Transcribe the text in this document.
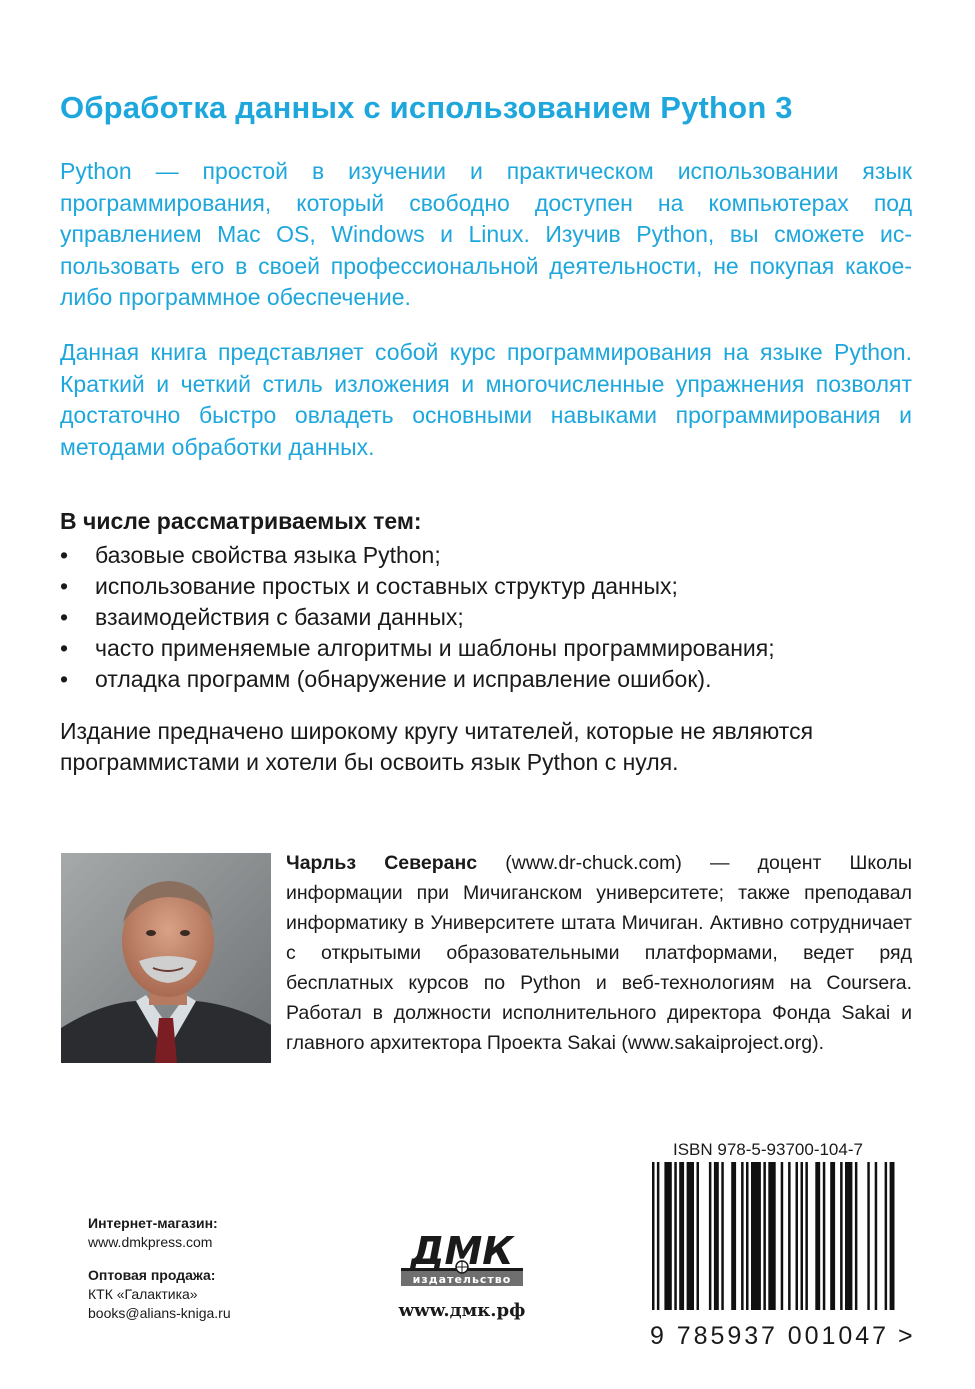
Обработка данных с использованием Python 3
Python — простой в изучении и практическом использовании язык программирования, который свободно доступен на компьютерах под управлением Mac OS, Windows и Linux. Изучив Python, вы сможете использовать его в своей профессиональной деятельности, не покупая какое-либо программное обеспечение.
Данная книга представляет собой курс программирования на языке Python. Краткий и четкий стиль изложения и многочисленные упражнения позволят достаточно быстро овладеть основными навыками программирования и методами обработки данных.
В числе рассматриваемых тем:
•	базовые свойства языка Python;
•	использование простых и составных структур данных;
•	взаимодействия с базами данных;
•	часто применяемые алгоритмы и шаблоны программирования;
•	отладка программ (обнаружение и исправление ошибок).
Издание предначено широкому кругу читателей, которые не являются программистами и хотели бы освоить язык Python с нуля.
Чарльз Северанс (www.dr-chuck.com) — доцент Школы информации при Мичиганском университете; также преподавал информатику в Университете штата Мичиган. Активно сотрудничает с открытыми образовательными платформами, ведет ряд бесплатных курсов по Python и веб-технологиям на Coursera. Работал в должности исполнительного директора Фонда Sakai и главного архитектора Проекта Sakai (www.sakaiproject.org).
Интернет-магазин:
www.dmkpress.com
Оптовая продажа:
КТК «Галактика»
books@alians-kniga.ru
ДМК
издательство
www.дмк.рф
ISBN 978-5-93700-104-7
9 785937 001047 >
